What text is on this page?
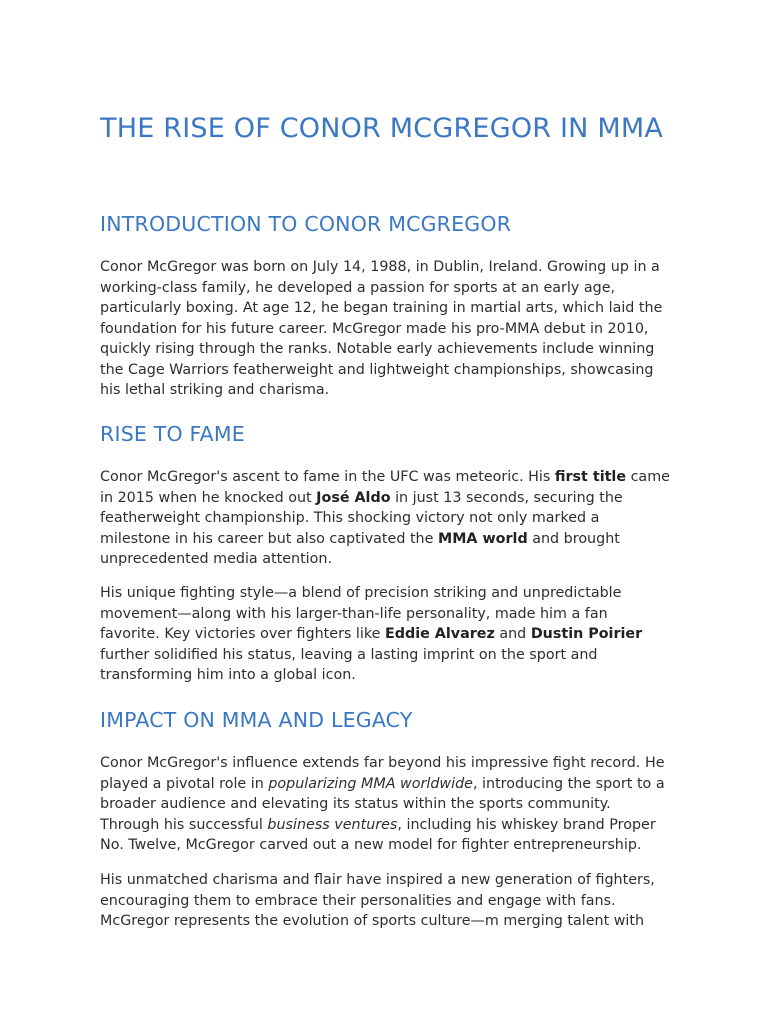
THE RISE OF CONOR MCGREGOR IN MMA
INTRODUCTION TO CONOR MCGREGOR

Conor McGregor was born on July 14, 1988, in Dublin, Ireland. Growing up in a working-class family, he developed a passion for sports at an early age, particularly boxing. At age 12, he began training in martial arts, which laid the foundation for his future career. McGregor made his pro-MMA debut in 2010, quickly rising through the ranks. Notable early achievements include winning the Cage Warriors featherweight and lightweight championships, showcasing his lethal striking and charisma.

RISE TO FAME

Conor McGregor's ascent to fame in the UFC was meteoric. His first title came in 2015 when he knocked out José Aldo in just 13 seconds, securing the featherweight championship. This shocking victory not only marked a milestone in his career but also captivated the MMA world and brought unprecedented media attention.

His unique fighting style—a blend of precision striking and unpredictable movement—along with his larger-than-life personality, made him a fan favorite. Key victories over fighters like Eddie Alvarez and Dustin Poirier further solidified his status, leaving a lasting imprint on the sport and transforming him into a global icon.

IMPACT ON MMA AND LEGACY

Conor McGregor's influence extends far beyond his impressive fight record. He played a pivotal role in popularizing MMA worldwide, introducing the sport to a broader audience and elevating its status within the sports community. Through his successful business ventures, including his whiskey brand Proper No. Twelve, McGregor carved out a new model for fighter entrepreneurship.

His unmatched charisma and flair have inspired a new generation of fighters, encouraging them to embrace their personalities and engage with fans. McGregor represents the evolution of sports culture—m merging talent with
